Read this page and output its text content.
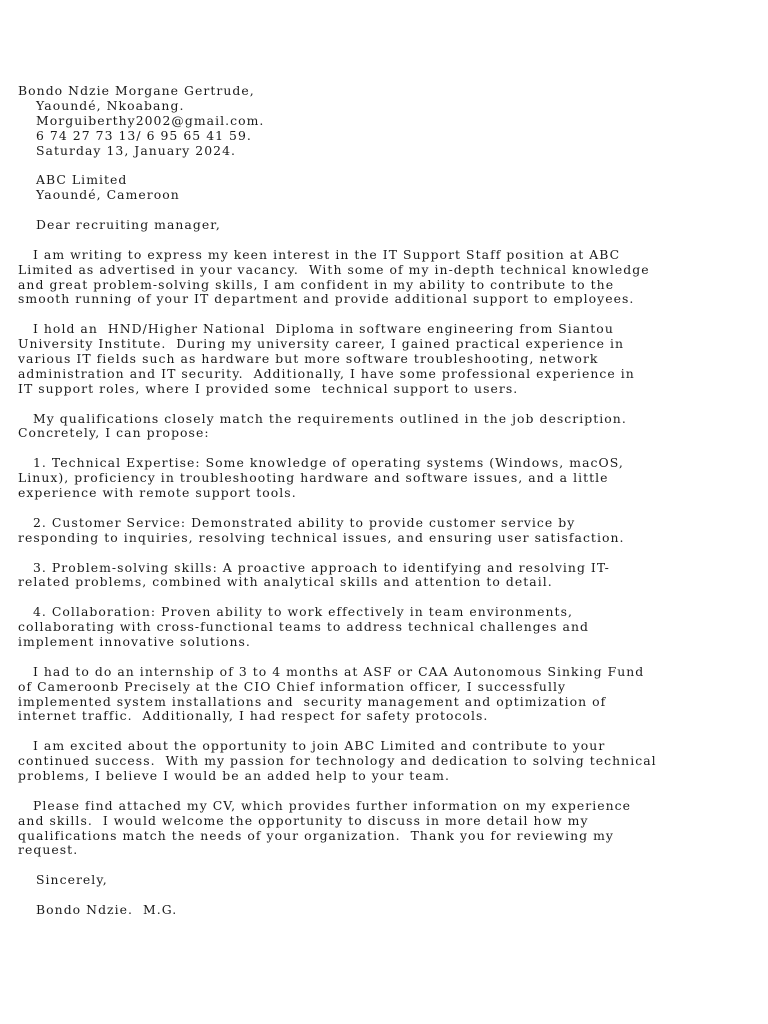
Bondo Ndzie Morgane Gertrude,
Yaoundé, Nkoabang.
Morguiberthy2002@gmail.com.
6 74 27 73 13/ 6 95 65 41 59.
Saturday 13, January 2024.
ABC Limited
Yaoundé, Cameroon
Dear recruiting manager,
I am writing to express my keen interest in the IT Support Staff position at ABC
Limited as advertised in your vacancy.  With some of my in-depth technical knowledge
and great problem-solving skills, I am confident in my ability to contribute to the
smooth running of your IT department and provide additional support to employees.
I hold an  HND/Higher National  Diploma in software engineering from Siantou
University Institute.  During my university career, I gained practical experience in
various IT fields such as hardware but more software troubleshooting, network
administration and IT security.  Additionally, I have some professional experience in
IT support roles, where I provided some  technical support to users.
My qualifications closely match the requirements outlined in the job description.
Concretely, I can propose:
1. Technical Expertise: Some knowledge of operating systems (Windows, macOS,
Linux), proficiency in troubleshooting hardware and software issues, and a little
experience with remote support tools.
2. Customer Service: Demonstrated ability to provide customer service by
responding to inquiries, resolving technical issues, and ensuring user satisfaction.
3. Problem-solving skills: A proactive approach to identifying and resolving IT-
related problems, combined with analytical skills and attention to detail.
4. Collaboration: Proven ability to work effectively in team environments,
collaborating with cross-functional teams to address technical challenges and
implement innovative solutions.
I had to do an internship of 3 to 4 months at ASF or CAA Autonomous Sinking Fund
of Cameroonb Precisely at the CIO Chief information officer, I successfully
implemented system installations and  security management and optimization of
internet traffic.  Additionally, I had respect for safety protocols.
I am excited about the opportunity to join ABC Limited and contribute to your
continued success.  With my passion for technology and dedication to solving technical
problems, I believe I would be an added help to your team.
Please find attached my CV, which provides further information on my experience
and skills.  I would welcome the opportunity to discuss in more detail how my
qualifications match the needs of your organization.  Thank you for reviewing my
request.
Sincerely,
Bondo Ndzie.  M.G.
